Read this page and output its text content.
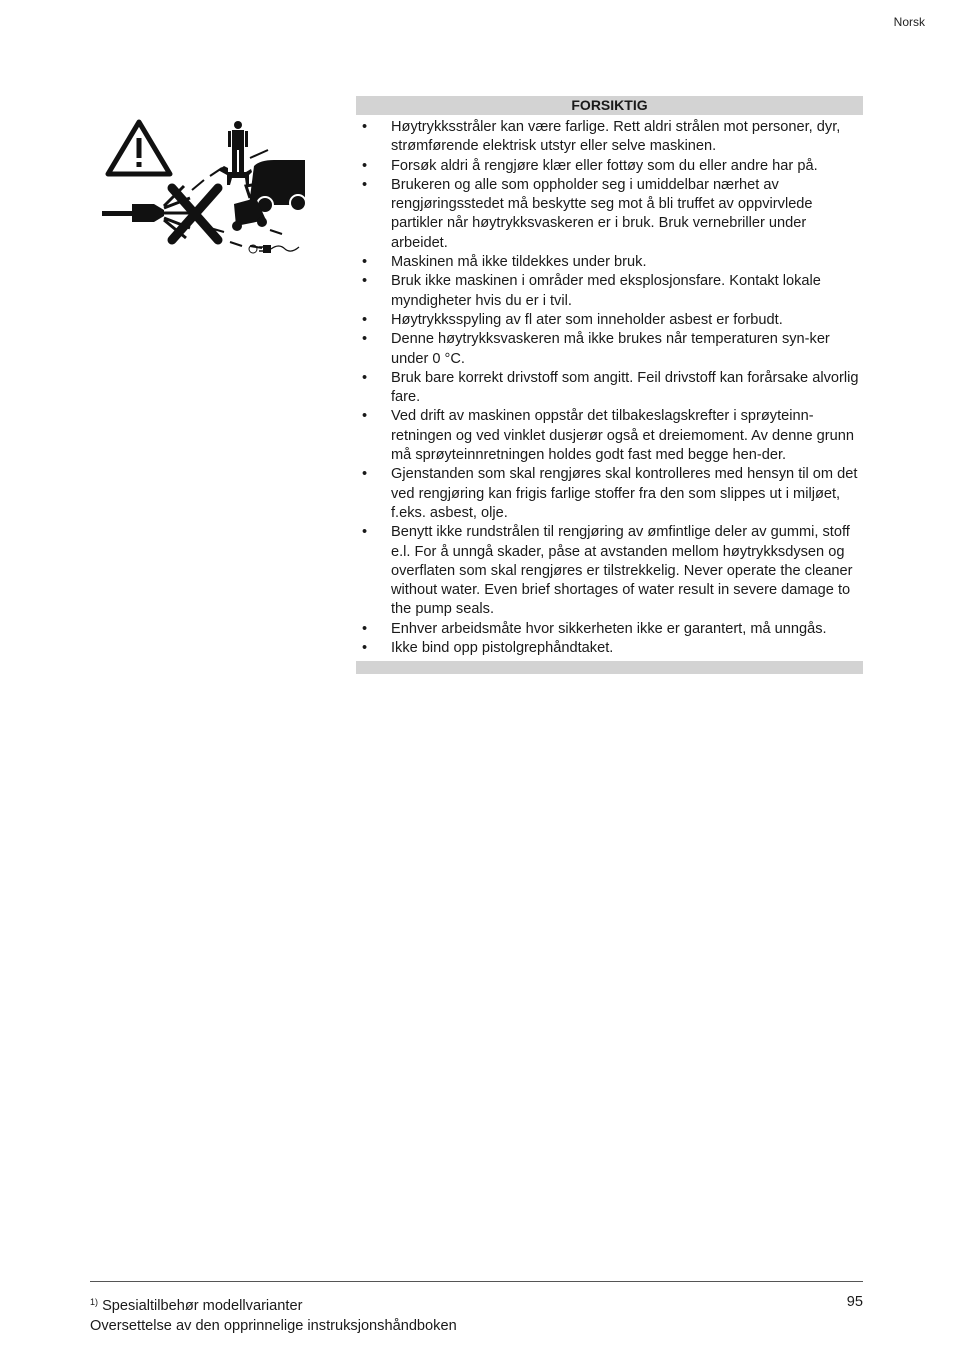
Norsk
FORSIKTIG
• Høytrykksstråler kan være farlige. Rett aldri strålen mot personer, dyr, strømførende elektrisk utstyr eller selve maskinen.
• Forsøk aldri å rengjøre klær eller fottøy som du eller andre har på.
• Brukeren og alle som oppholder seg i umiddelbar nærhet av rengjøringsstedet må beskytte seg mot å bli truffet av oppvirvlede partikler når høytrykksvaskeren er i bruk. Bruk vernebriller under arbeidet.
• Maskinen må ikke tildekkes under bruk.
• Bruk ikke maskinen i områder med eksplosjonsfare. Kontakt lokale myndigheter hvis du er i tvil.
• Høytrykksspyling av fl ater som inneholder asbest er forbudt.
• Denne høytrykksvaskeren må ikke brukes når temperaturen syn-ker under 0 °C.
• Bruk bare korrekt drivstoff som angitt. Feil drivstoff kan forårsake alvorlig fare.
• Ved drift av maskinen oppstår det tilbakeslagskrefter i sprøyteinn-retningen og ved vinklet dusjerør også et dreiemoment. Av denne grunn må sprøyteinnretningen holdes godt fast med begge hen-der.
• Gjenstanden som skal rengjøres skal kontrolleres med hensyn til om det ved rengjøring kan frigis farlige stoffer fra den som slippes ut i miljøet, f.eks. asbest, olje.
• Benytt ikke rundstrålen til rengjøring av ømfintlige deler av gummi, stoff e.l. For å unngå skader, påse at avstanden mellom høytrykksdysen og overflaten som skal rengjøres er tilstrekkelig. Never operate the cleaner without water. Even brief shortages of water result in severe damage to the pump seals.
• Enhver arbeidsmåte hvor sikkerheten ikke er garantert, må unngås.
• Ikke bind opp pistolgrephåndtaket.
$^{1)}$ Spesialtilbehør modellvarianter
Oversettelse av den opprinnelige instruksjonshåndboken
95
